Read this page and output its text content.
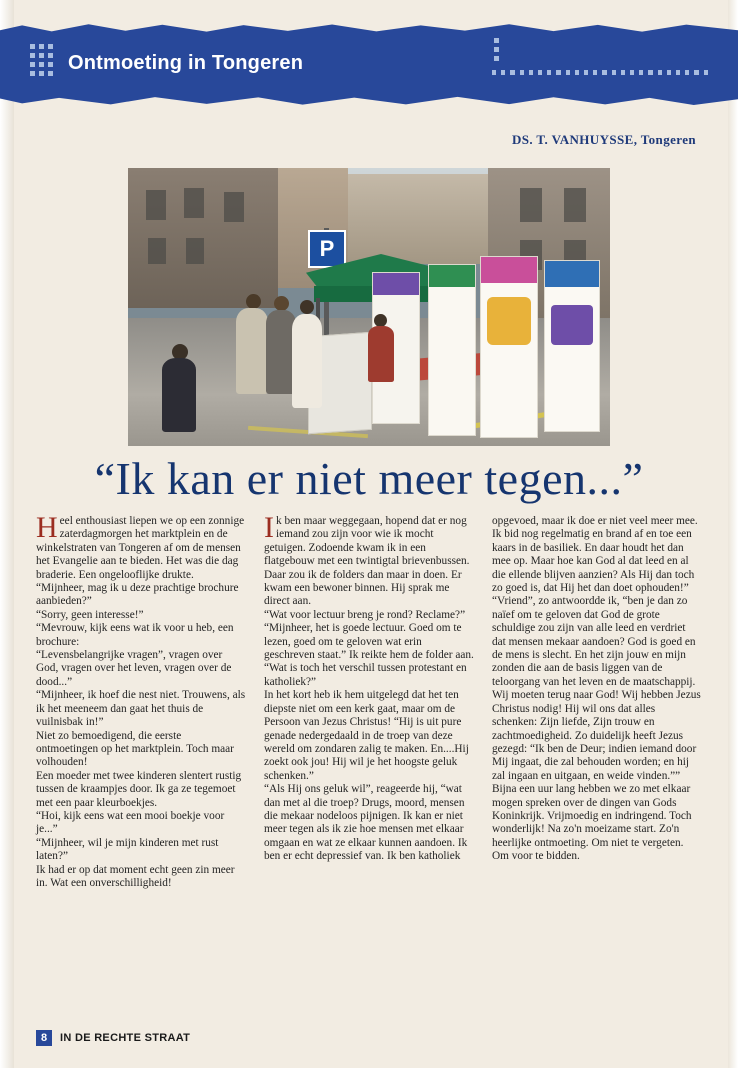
Ontmoeting in Tongeren
DS. T. VANHUYSSE, Tongeren
P
“Ik kan er niet meer tegen...”

Heel enthousiast liepen we op een zonnige zaterdagmorgen het marktplein en de winkelstraten van Tongeren af om de mensen het Evangelie aan te bieden. Het was die dag braderie. Een ongelooflijke drukte.

“Mijnheer, mag ik u deze prachtige brochure aanbieden?”

“Sorry, geen interesse!”

“Mevrouw, kijk eens wat ik voor u heb, een brochure:

“Levensbelangrijke vragen”, vragen over God, vragen over het leven, vragen over de dood...”

“Mijnheer, ik hoef die nest niet. Trouwens, als ik het meeneem dan gaat het thuis de vuilnisbak in!”

Niet zo bemoedigend, die eerste ontmoetingen op het marktplein. Toch maar volhouden!

Een moeder met twee kinderen slentert rustig tussen de kraampjes door. Ik ga ze tegemoet met een paar kleurboekjes.

“Hoi, kijk eens wat een mooi boekje voor je...”

“Mijnheer, wil je mijn kinderen met rust laten?”

Ik had er op dat moment echt geen zin meer in. Wat een onverschilligheid!

Ik ben maar weggegaan, hopend dat er nog iemand zou zijn voor wie ik mocht getuigen. Zodoende kwam ik in een flatgebouw met een twintigtal brievenbussen. Daar zou ik de folders dan maar in doen. Er kwam een bewoner binnen. Hij sprak me direct aan.

“Wat voor lectuur breng je rond? Reclame?”

“Mijnheer, het is goede lectuur. Goed om te lezen, goed om te geloven wat erin geschreven staat.” Ik reikte hem de folder aan.

“Wat is toch het verschil tussen protestant en katholiek?”

In het kort heb ik hem uitgelegd dat het ten diepste niet om een kerk gaat, maar om de Persoon van Jezus Christus! “Hij is uit pure genade nedergedaald in de troep van deze wereld om zondaren zalig te maken. En....Hij zoekt ook jou! Hij wil je het hoogste geluk schenken.”

“Als Hij ons geluk wil”, reageerde hij, “wat dan met al die troep? Drugs, moord, mensen die mekaar nodeloos pijnigen. Ik kan er niet meer tegen als ik zie hoe mensen met elkaar omgaan en wat ze elkaar kunnen aandoen. Ik ben er echt depressief van. Ik ben katholiek

opgevoed, maar ik doe er niet veel meer mee. Ik bid nog regelmatig en brand af en toe een kaars in de basiliek. En daar houdt het dan mee op. Maar hoe kan God al dat leed en al die ellende blijven aanzien? Als Hij dan toch zo goed is, dat Hij het dan doet ophouden!”

“Vriend”, zo antwoordde ik, “ben je dan zo naïef om te geloven dat God de grote schuldige zou zijn van alle leed en verdriet dat mensen mekaar aandoen? God is goed en de mens is slecht. En het zijn jouw en mijn zonden die aan de basis liggen van de teloorgang van het leven en de maatschappij. Wij moeten terug naar God! Wij hebben Jezus Christus nodig! Hij wil ons dat alles schenken: Zijn liefde, Zijn trouw en zachtmoedigheid. Zo duidelijk heeft Jezus gezegd: “Ik ben de Deur; indien iemand door Mij ingaat, die zal behouden worden; en hij zal ingaan en uitgaan, en weide vinden.””

Bijna een uur lang hebben we zo met elkaar mogen spreken over de dingen van Gods Koninkrijk. Vrijmoedig en indringend. Toch wonderlijk! Na zo'n moeizame start. Zo'n heerlijke ontmoeting. Om niet te vergeten. Om voor te bidden.

8	IN DE RECHTE STRAAT
